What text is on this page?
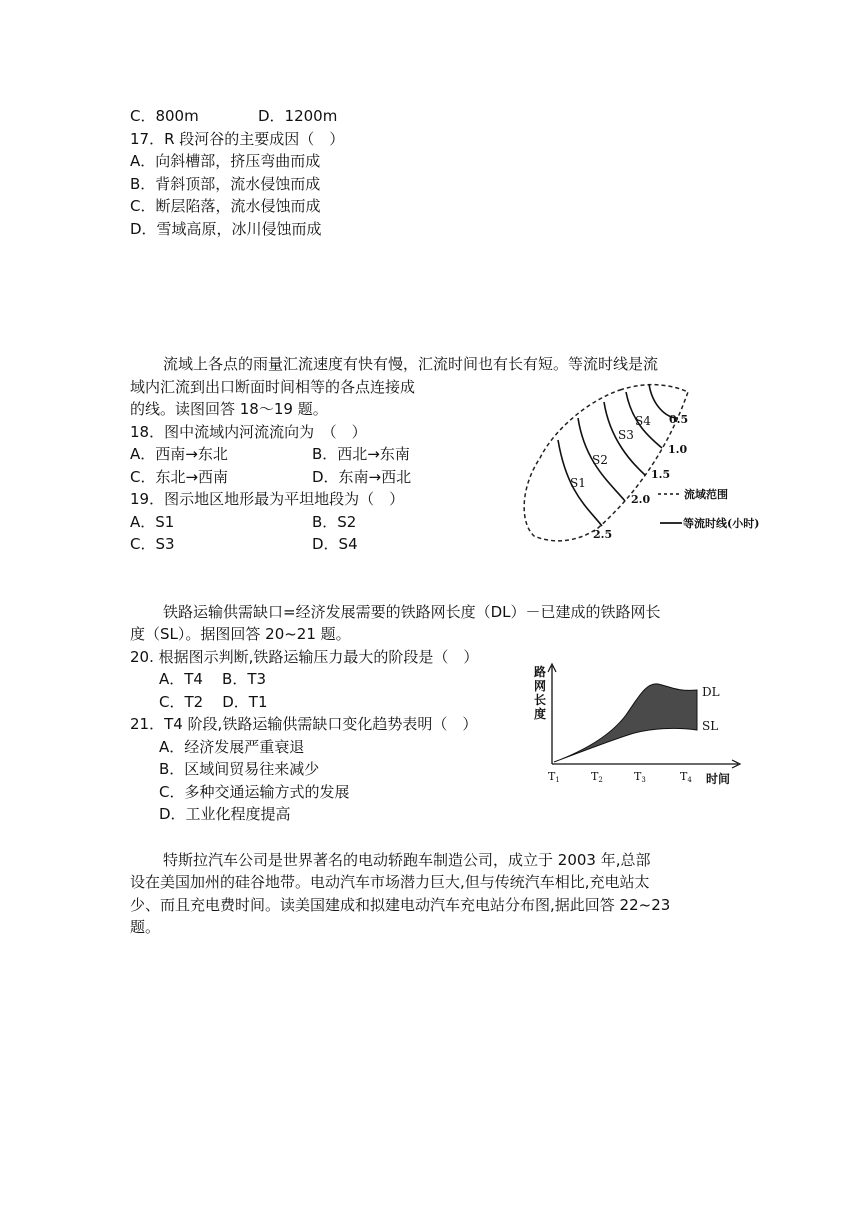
C．800m	D．1200m
17．R 段河谷的主要成因（　）
A．向斜槽部，挤压弯曲而成
B．背斜顶部，流水侵蚀而成
C．断层陷落，流水侵蚀而成
D．雪域高原，冰川侵蚀而成
流域上各点的雨量汇流速度有快有慢，汇流时间也有长有短。等流时线是流
域内汇流到出口断面时间相等的各点连接成
的线。读图回答 18～19 题。
18．图中流域内河流流向为　（　）
A．西南→东北	B．西北→东南
C．东北→西南	D．东南→西北
19．图示地区地形最为平坦地段为（　）
A．S1	B．S2
C．S3	D．S4
S1
S2
S3
S4 0.5
1.0
1.5
2.0
2.5
流域范围
等流时线(小时)
铁路运输供需缺口=经济发展需要的铁路网长度（DL）－已建成的铁路网长
度（SL）。据图回答 20~21 题。
20. 根据图示判断,铁路运输压力最大的阶段是（　）
A．T4    B．T3
C．T2    D．T1
21．T4 阶段,铁路运输供需缺口变化趋势表明（　）
A．经济发展严重衰退
B．区域间贸易往来减少
C．多种交通运输方式的发展
D．工业化程度提高
路
网
长
度
DL
SL
T1	T2	T3	T4 时间
特斯拉汽车公司是世界著名的电动轿跑车制造公司，成立于 2003 年,总部
设在美国加州的硅谷地带。电动汽车市场潜力巨大,但与传统汽车相比,充电站太
少、而且充电费时间。读美国建成和拟建电动汽车充电站分布图,据此回答 22~23
题。
